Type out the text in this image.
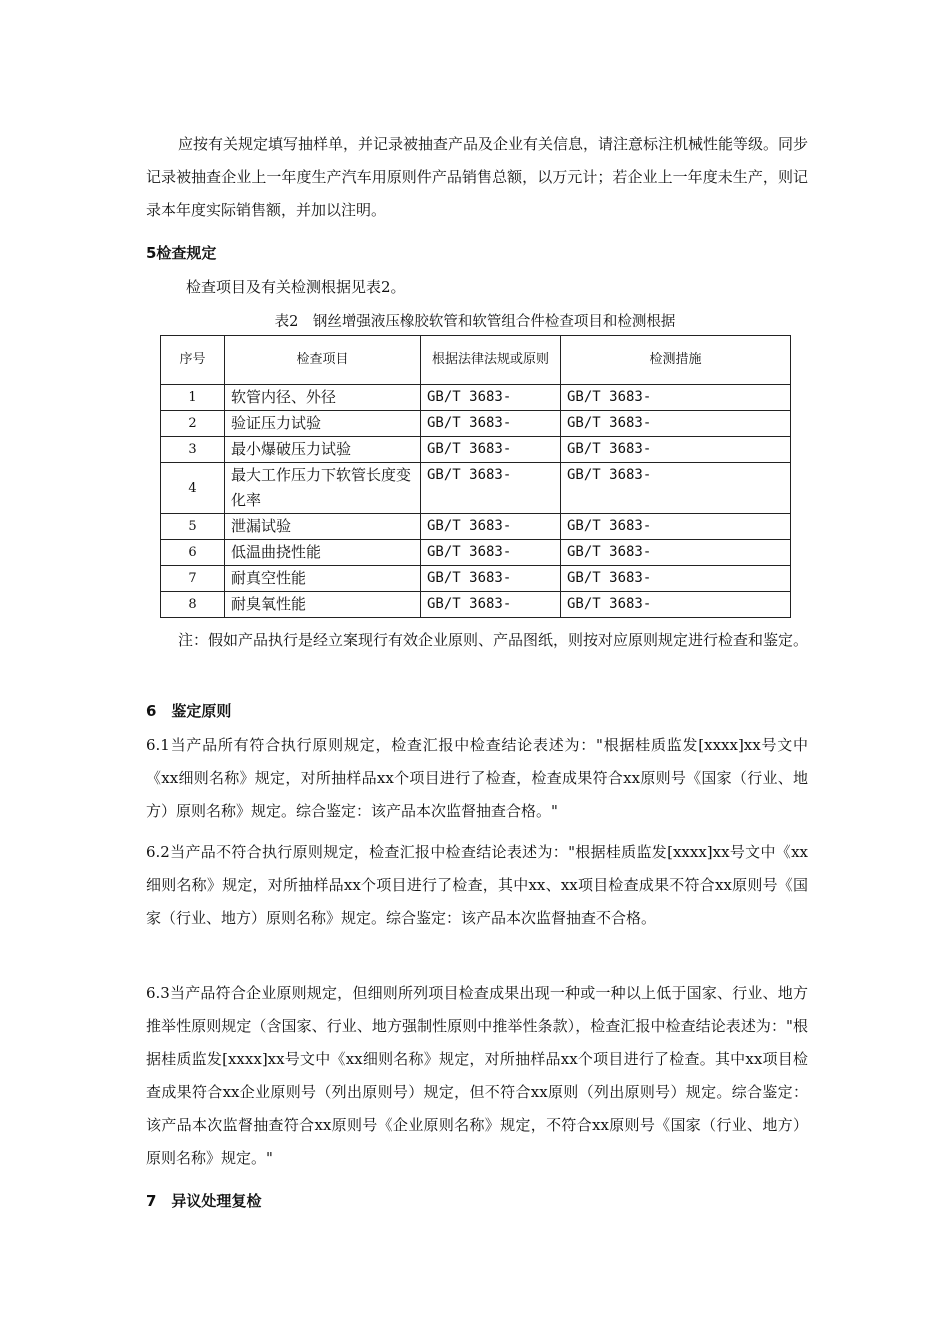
应按有关规定填写抽样单，并记录被抽查产品及企业有关信息，请注意标注机械性能等级。同步记录被抽查企业上一年度生产汽车用原则件产品销售总额，以万元计；若企业上一年度未生产，则记录本年度实际销售额，并加以注明。

5检查规定

检查项目及有关检测根据见表2。

表2　钢丝增强液压橡胶软管和软管组合件检查项目和检测根据

序号	检查项目	根据法律法规或原则	检测措施
1	软管内径、外径	GB/T 3683-	GB/T 3683-
2	验证压力试验	GB/T 3683-	GB/T 3683-
3	最小爆破压力试验	GB/T 3683-	GB/T 3683-
4	最大工作压力下软管长度变化率	GB/T 3683-	GB/T 3683-
5	泄漏试验	GB/T 3683-	GB/T 3683-
6	低温曲挠性能	GB/T 3683-	GB/T 3683-
7	耐真空性能	GB/T 3683-	GB/T 3683-
8	耐臭氧性能	GB/T 3683-	GB/T 3683-

注：假如产品执行是经立案现行有效企业原则、产品图纸，则按对应原则规定进行检查和鉴定。

6　鉴定原则

6.1当产品所有符合执行原则规定，检查汇报中检查结论表述为："根据桂质监发[xxxx]xx号文中《xx细则名称》规定，对所抽样品xx个项目进行了检查，检查成果符合xx原则号《国家（行业、地方）原则名称》规定。综合鉴定：该产品本次监督抽查合格。"

6.2当产品不符合执行原则规定，检查汇报中检查结论表述为："根据桂质监发[xxxx]xx号文中《xx细则名称》规定，对所抽样品xx个项目进行了检查，其中xx、xx项目检查成果不符合xx原则号《国家（行业、地方）原则名称》规定。综合鉴定：该产品本次监督抽查不合格。

6.3当产品符合企业原则规定，但细则所列项目检查成果出现一种或一种以上低于国家、行业、地方推举性原则规定（含国家、行业、地方强制性原则中推举性条款），检查汇报中检查结论表述为："根据桂质监发[xxxx]xx号文中《xx细则名称》规定，对所抽样品xx个项目进行了检查。其中xx项目检查成果符合xx企业原则号（列出原则号）规定，但不符合xx原则（列出原则号）规定。综合鉴定：该产品本次监督抽查符合xx原则号《企业原则名称》规定，不符合xx原则号《国家（行业、地方）原则名称》规定。"

7　异议处理复检
